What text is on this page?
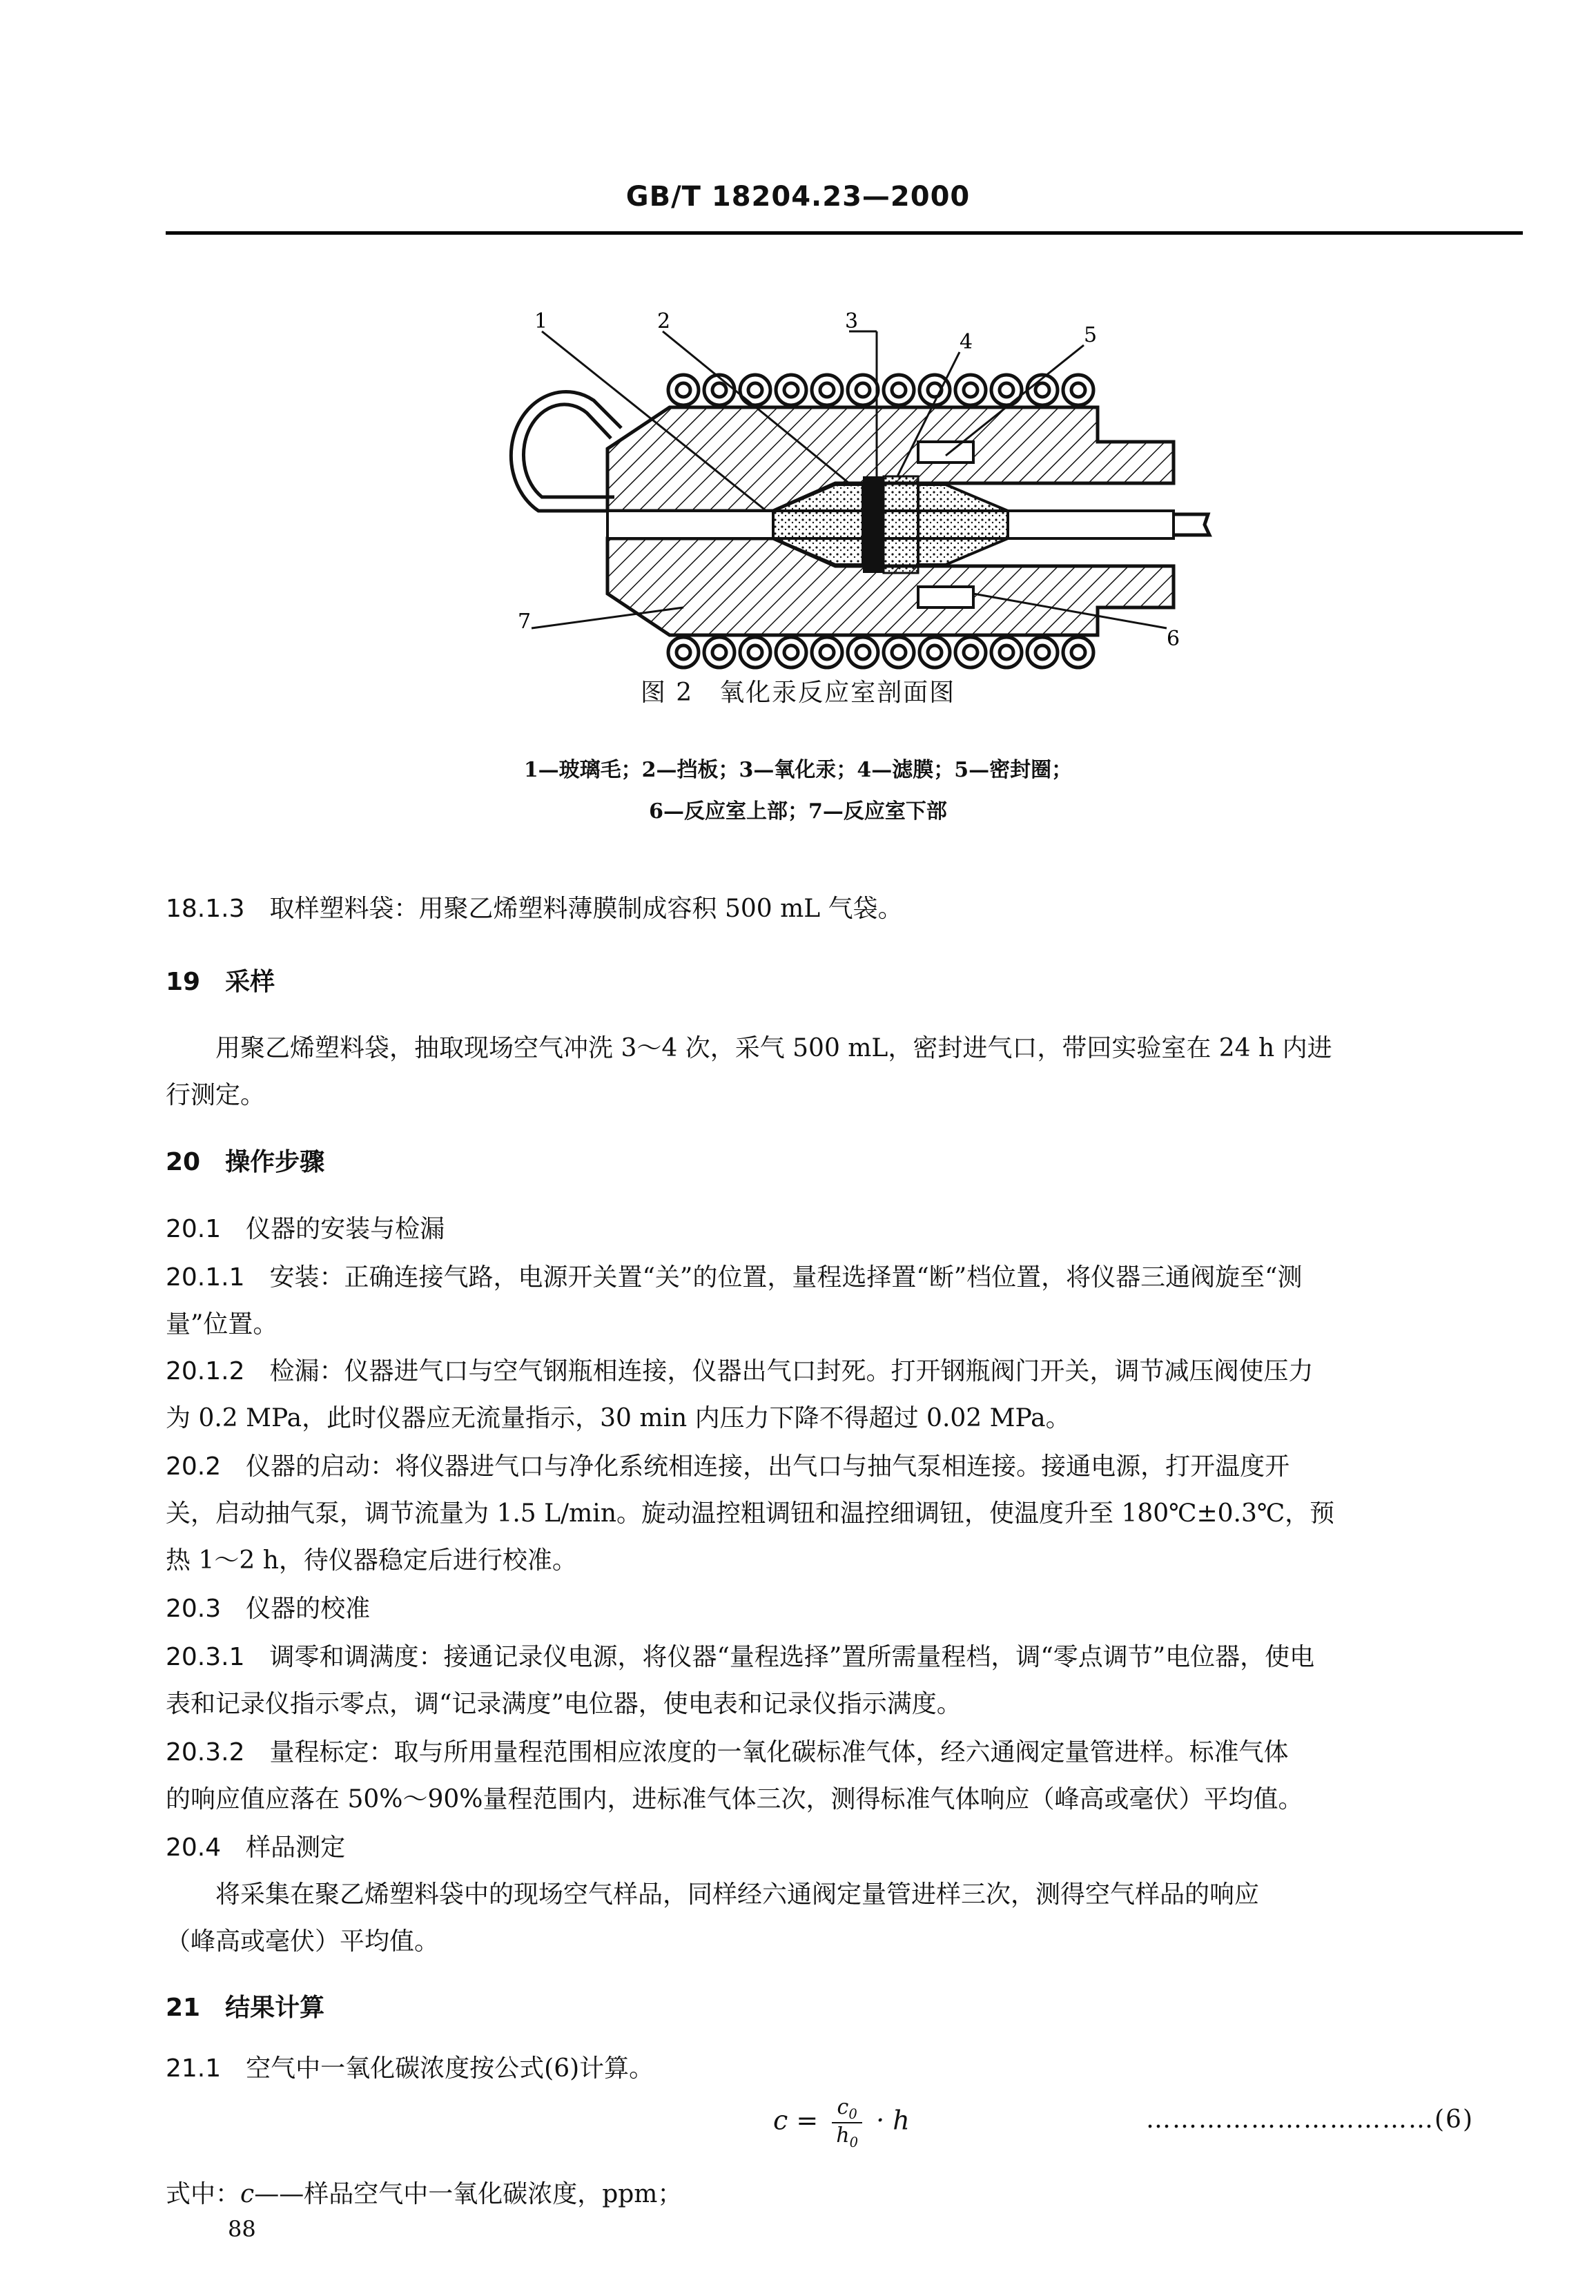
GB/T 18204.23—2000
1	2	3
4	5
6
7
图 2　氧化汞反应室剖面图
1—玻璃毛；2—挡板；3—氧化汞；4—滤膜；5—密封圈；
6—反应室上部；7—反应室下部
18.1.3　 取样塑料袋：用聚乙烯塑料薄膜制成容积 500 mL 气袋。
19　 采样
用聚乙烯塑料袋，抽取现场空气冲洗 3～4 次，采气 500 mL，密封进气口，带回实验室在 24 h 内进
行测定。
20　 操作步骤
20.1　 仪器的安装与检漏
20.1.1　 安装：正确连接气路，电源开关置“关”的位置，量程选择置“断”档位置，将仪器三通阀旋至“测
量”位置。
20.1.2　 检漏：仪器进气口与空气钢瓶相连接，仪器出气口封死。打开钢瓶阀门开关，调节减压阀使压力
为 0.2 MPa，此时仪器应无流量指示，30 min 内压力下降不得超过 0.02 MPa。
20.2　 仪器的启动：将仪器进气口与净化系统相连接，出气口与抽气泵相连接。接通电源，打开温度开
关，启动抽气泵，调节流量为 1.5 L/min。旋动温控粗调钮和温控细调钮，使温度升至 180℃±0.3℃，预
热 1～2 h，待仪器稳定后进行校准。
20.3　 仪器的校准
20.3.1　 调零和调满度：接通记录仪电源，将仪器“量程选择”置所需量程档，调“零点调节”电位器，使电
表和记录仪指示零点，调“记录满度”电位器，使电表和记录仪指示满度。
20.3.2　 量程标定：取与所用量程范围相应浓度的一氧化碳标准气体，经六通阀定量管进样。标准气体
的响应值应落在 50%～90%量程范围内，进标准气体三次，测得标准气体响应（峰高或毫伏）平均值。
20.4　 样品测定
将采集在聚乙烯塑料袋中的现场空气样品，同样经六通阀定量管进样三次，测得空气样品的响应
（峰高或毫伏）平均值。
21　 结果计算
21.1　 空气中一氧化碳浓度按公式(6)计算。
$c = \frac{c_0}{h_0} \cdot h$	……………………………(6)
式中：c——样品空气中一氧化碳浓度，ppm；
88
